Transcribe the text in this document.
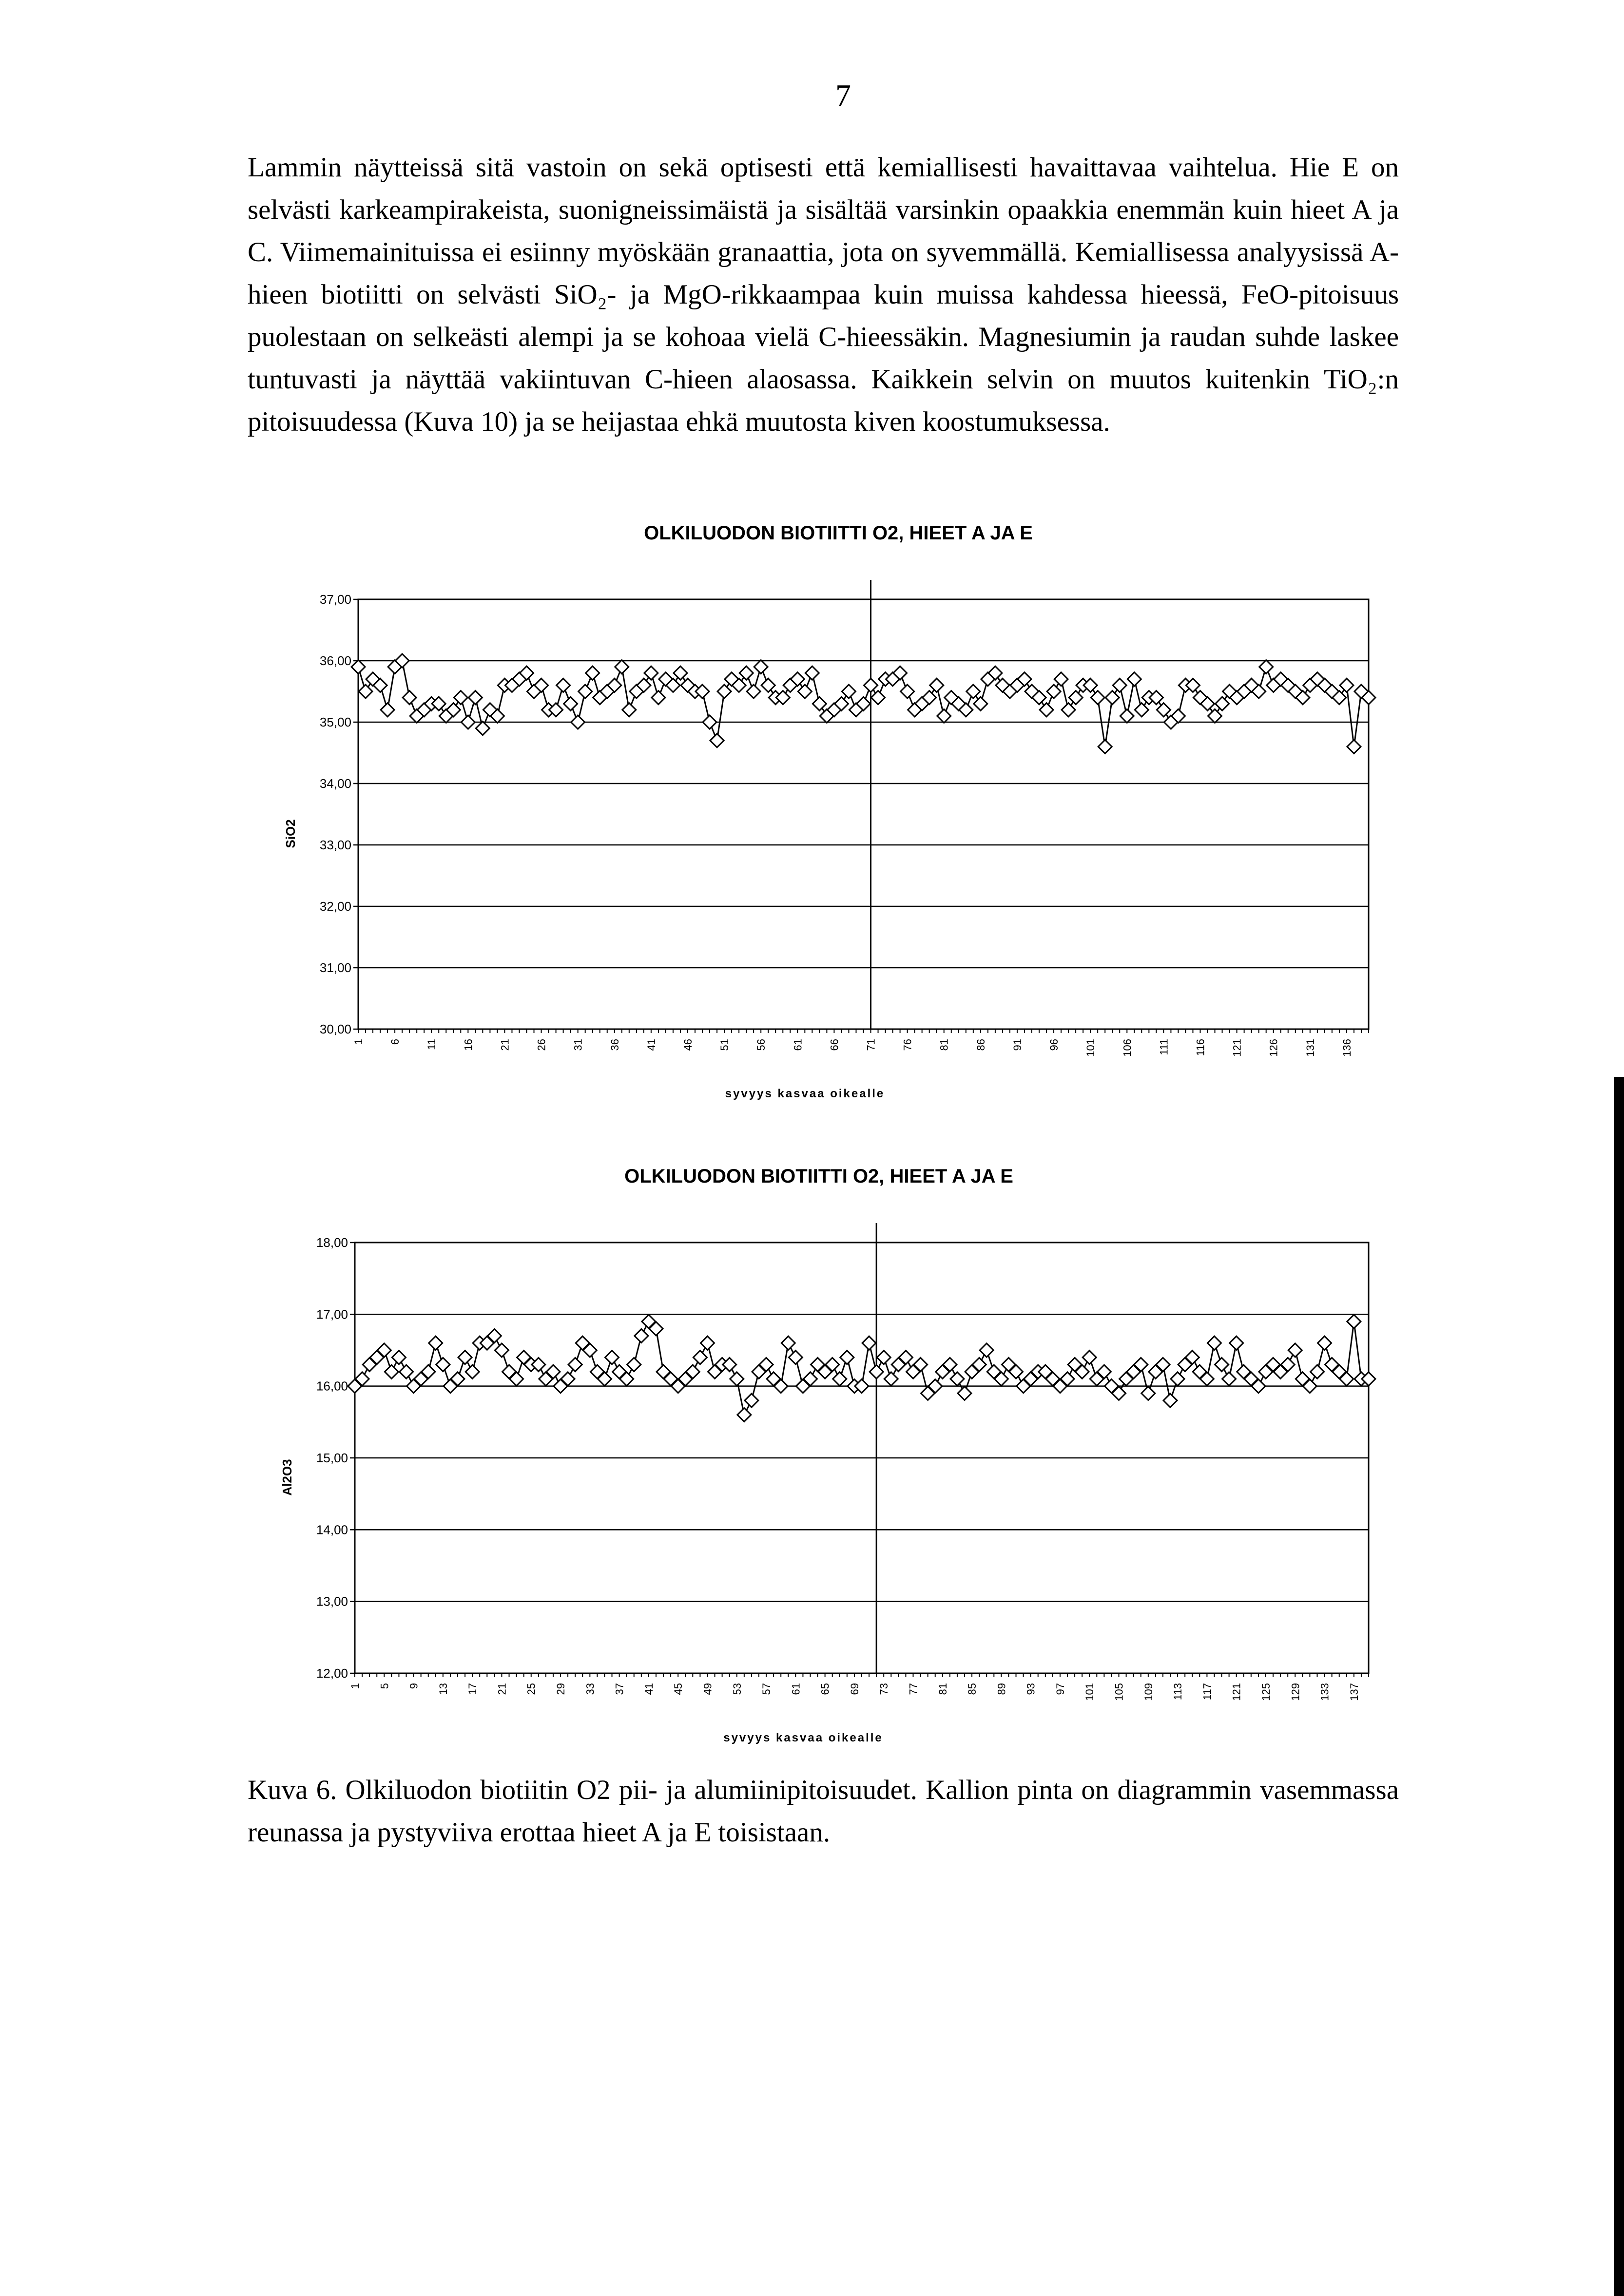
7
Lammin näytteissä sitä vastoin on sekä optisesti että kemiallisesti havaittavaa vaihtelua. Hie E on selvästi karkeampirakeista, suonigneissimäistä ja sisältää varsinkin opaakkia enemmän kuin hieet A ja C. Viimemainituissa ei esiinny myöskään granaattia, jota on syvemmällä. Kemiallisessa analyysissä A-hieen biotiitti on selvästi SiO₂- ja MgO-rikkaampaa kuin muissa kahdessa hieessä, FeO-pitoisuus puolestaan on selkeästi alempi ja se kohoaa vielä C-hieessäkin. Magnesiumin ja raudan suhde laskee tuntuvasti ja näyttää vakiintuvan C-hieen alaosassa. Kaikkein selvin on muutos kuitenkin TiO₂:n pitoisuudessa (Kuva 10) ja se heijastaa ehkä muutosta kiven koostumuksessa.
OLKILUODON BIOTIITTI O2, HIEET A JA E
30,00
31,00
32,00
33,00
34,00
35,00
36,00
37,00
1 6 11 16 21 26 31 36 41 46 51 56 61 66 71 76 81 86 91 96 101 106 111 116 121 126 131 136
SiO2
syvyys kasvaa oikealle
OLKILUODON BIOTIITTI O2, HIEET A JA E
12,00
13,00
14,00
15,00
16,00
17,00
18,00
1 5 9 13 17 21 25 29 33 37 41 45 49 53 57 61 65 69 73 77 81 85 89 93 97 101 105 109 113 117 121 125 129 133 137
Al2O3
syvyys kasvaa oikealle
Kuva 6. Olkiluodon biotiitin O2 pii- ja alumiinipitoisuudet. Kallion pinta on diagrammin vasemmassa reunassa ja pystyviiva erottaa hieet A ja E toisistaan.
